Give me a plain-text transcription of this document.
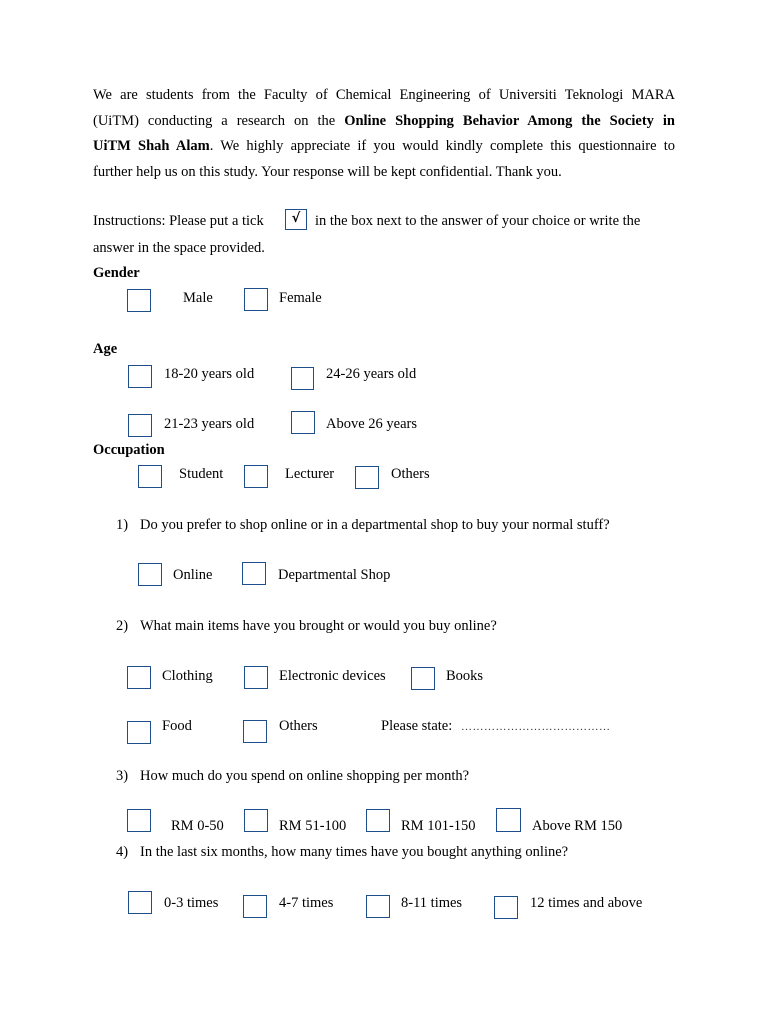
We are students from the Faculty of Chemical Engineering of Universiti Teknologi MARA
(UiTM) conducting a research on the Online Shopping Behavior Among the Society in
UiTM Shah Alam. We highly appreciate if you would kindly complete this questionnaire to
further help us on this study. Your response will be kept confidential. Thank you.
Instructions: Please put a tick	√	in the box next to the answer of your choice or write the
answer in the space provided.
Gender
Male	Female
Age
18-20 years old	24-26 years old
21-23 years old	Above 26 years
Occupation
Student	Lecturer	Others
1) Do you prefer to shop online or in a departmental shop to buy your normal stuff?
Online	Departmental Shop
2) What main items have you brought or would you buy online?
Clothing	Electronic devices	Books
Food	Others	Please state: …………………………………
3) How much do you spend on online shopping per month?
RM 0-50	RM 51-100	RM 101-150	Above RM 150
4) In the last six months, how many times have you bought anything online?
0-3 times	4-7 times	8-11 times	12 times and above
